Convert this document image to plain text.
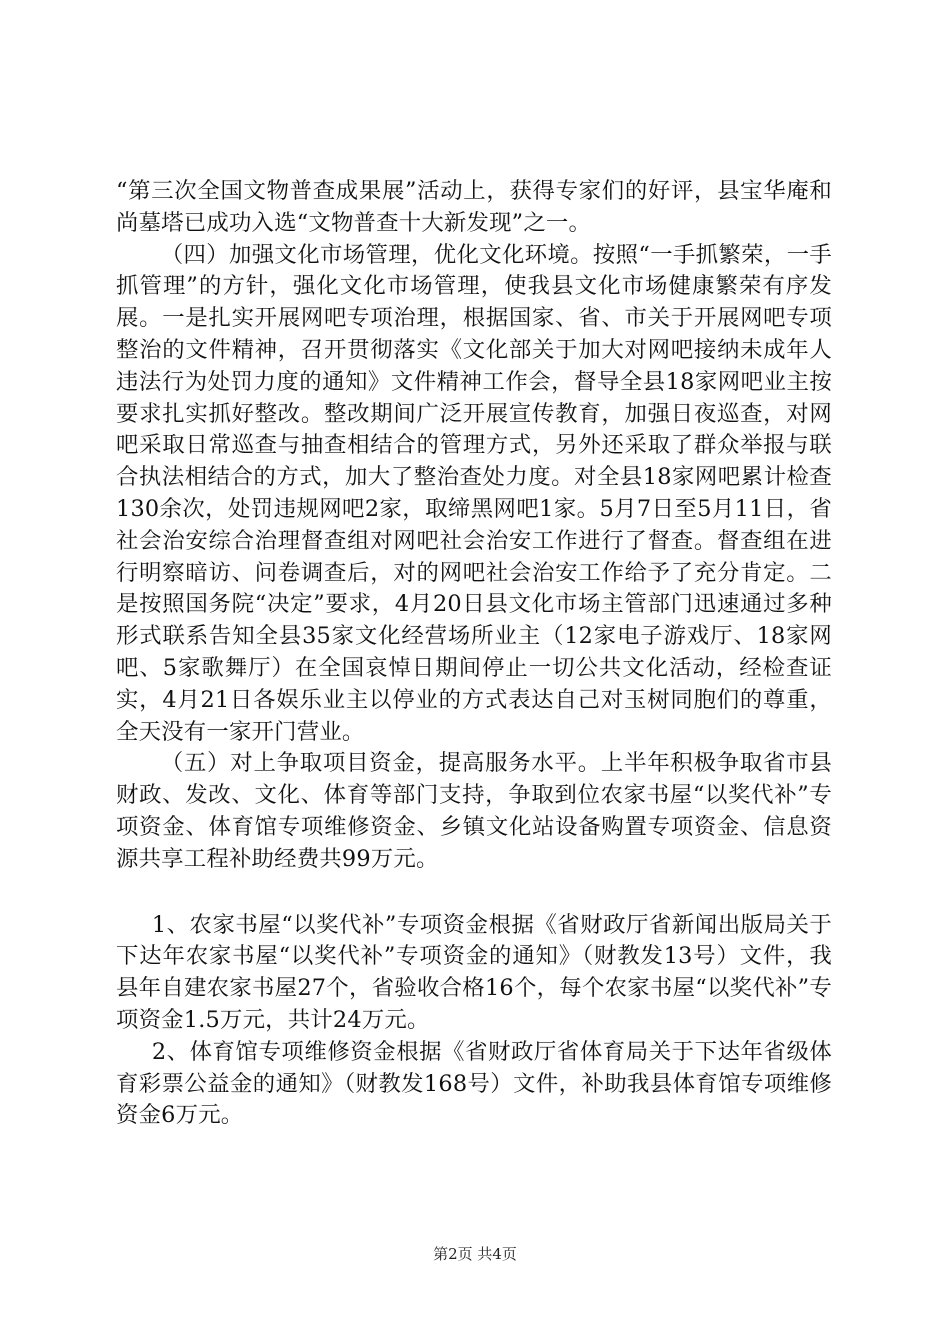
“第三次全国文物普查成果展”活动上，获得专家们的好评，县宝华庵和尚墓塔已成功入选“文物普查十大新发现”之一。

（四）加强文化市场管理，优化文化环境。按照“一手抓繁荣，一手抓管理”的方针，强化文化市场管理，使我县文化市场健康繁荣有序发展。一是扎实开展网吧专项治理，根据国家、省、市关于开展网吧专项整治的文件精神，召开贯彻落实《文化部关于加大对网吧接纳未成年人违法行为处罚力度的通知》文件精神工作会，督导全县18家网吧业主按要求扎实抓好整改。整改期间广泛开展宣传教育，加强日夜巡查，对网吧采取日常巡查与抽查相结合的管理方式，另外还采取了群众举报与联合执法相结合的方式，加大了整治查处力度。对全县18家网吧累计检查130余次，处罚违规网吧2家，取缔黑网吧1家。5月7日至5月11日，省社会治安综合治理督查组对网吧社会治安工作进行了督查。督查组在进行明察暗访、问卷调查后，对的网吧社会治安工作给予了充分肯定。二是按照国务院“决定”要求，4月20日县文化市场主管部门迅速通过多种形式联系告知全县35家文化经营场所业主（12家电子游戏厅、18家网吧、5家歌舞厅）在全国哀悼日期间停止一切公共文化活动，经检查证实，4月21日各娱乐业主以停业的方式表达自己对玉树同胞们的尊重，全天没有一家开门营业。

（五）对上争取项目资金，提高服务水平。上半年积极争取省市县财政、发改、文化、体育等部门支持，争取到位农家书屋“以奖代补”专项资金、体育馆专项维修资金、乡镇文化站设备购置专项资金、信息资源共享工程补助经费共99万元。

1、农家书屋“以奖代补”专项资金根据《省财政厅省新闻出版局关于下达年农家书屋“以奖代补”专项资金的通知》（财教发13号）文件，我县年自建农家书屋27个，省验收合格16个，每个农家书屋“以奖代补”专项资金1.5万元，共计24万元。

2、体育馆专项维修资金根据《省财政厅省体育局关于下达年省级体育彩票公益金的通知》（财教发168号）文件，补助我县体育馆专项维修资金6万元。

第2页 共4页
